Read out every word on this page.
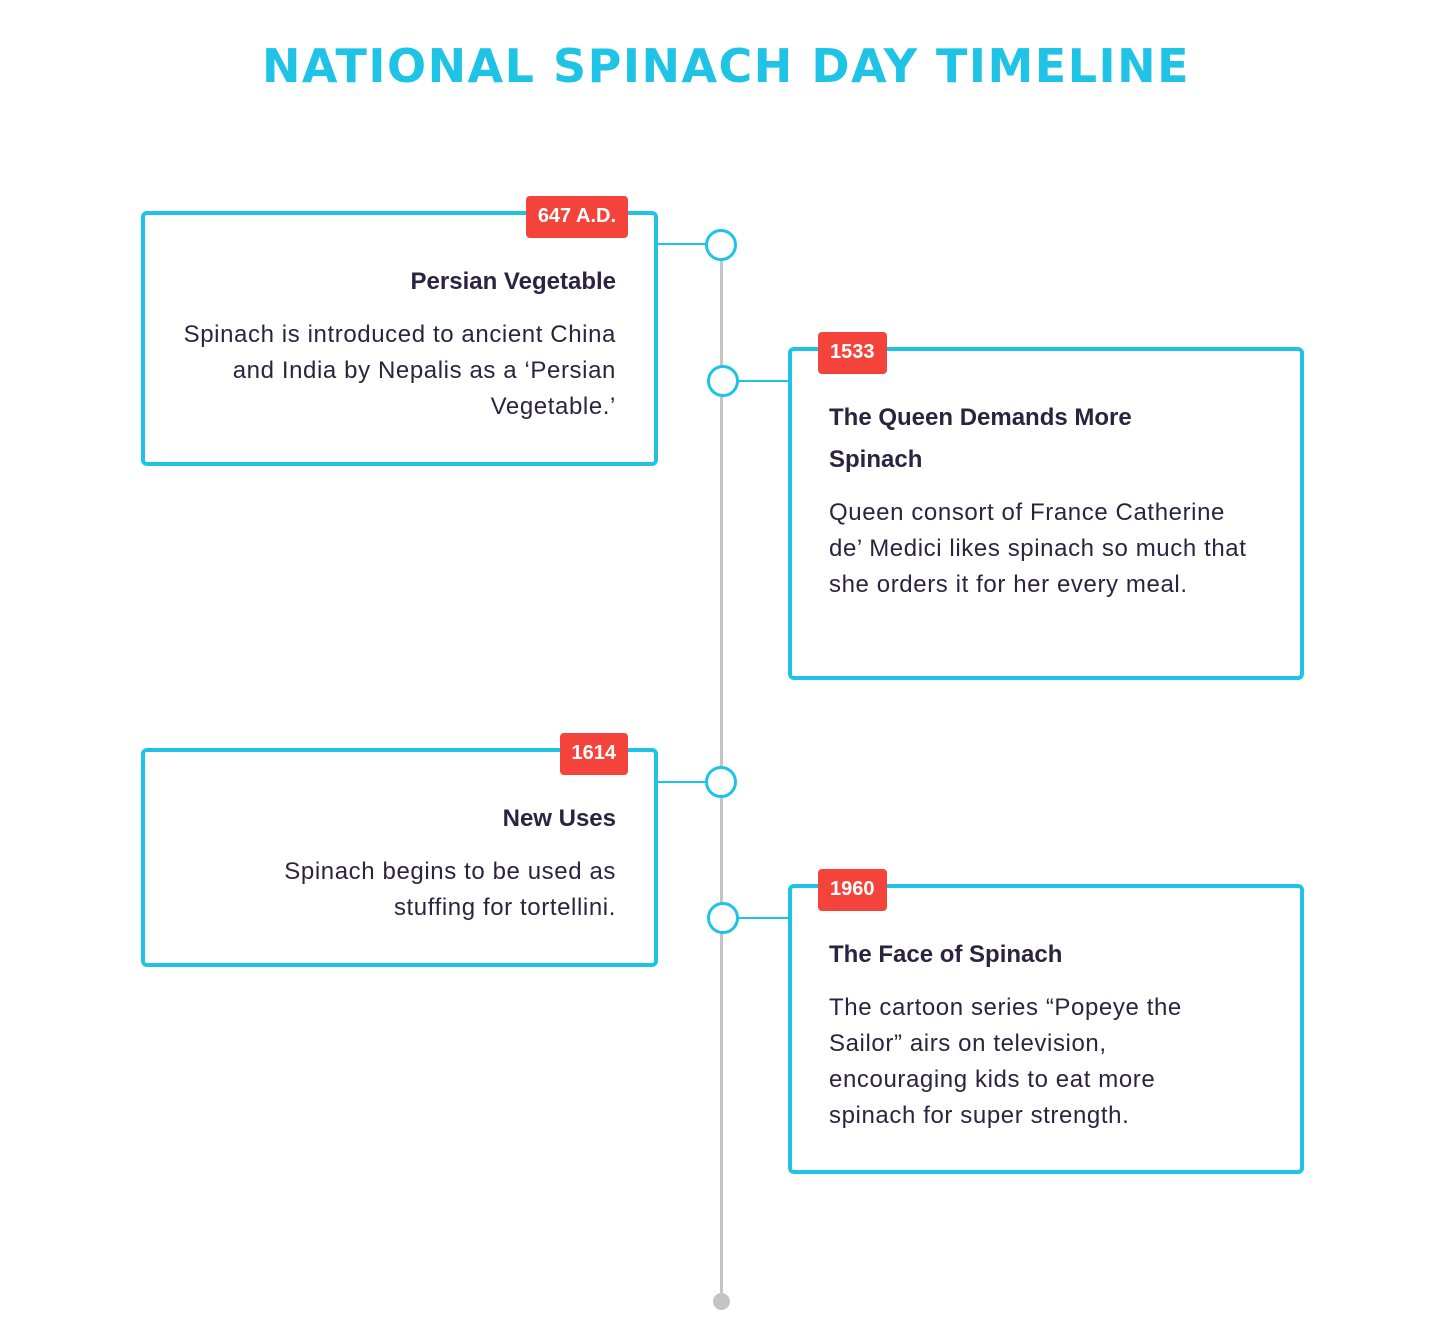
NATIONAL SPINACH DAY TIMELINE
647 A.D.
Persian Vegetable

Spinach is introduced to ancient China and India by Nepalis as a ‘Persian Vegetable.’

1533
The Queen Demands More Spinach

Queen consort of France Catherine de’ Medici likes spinach so much that she orders it for her every meal.

1614
New Uses

Spinach begins to be used as stuffing for tortellini.

1960
The Face of Spinach

The cartoon series “Popeye the Sailor” airs on television, encouraging kids to eat more spinach for super strength.
